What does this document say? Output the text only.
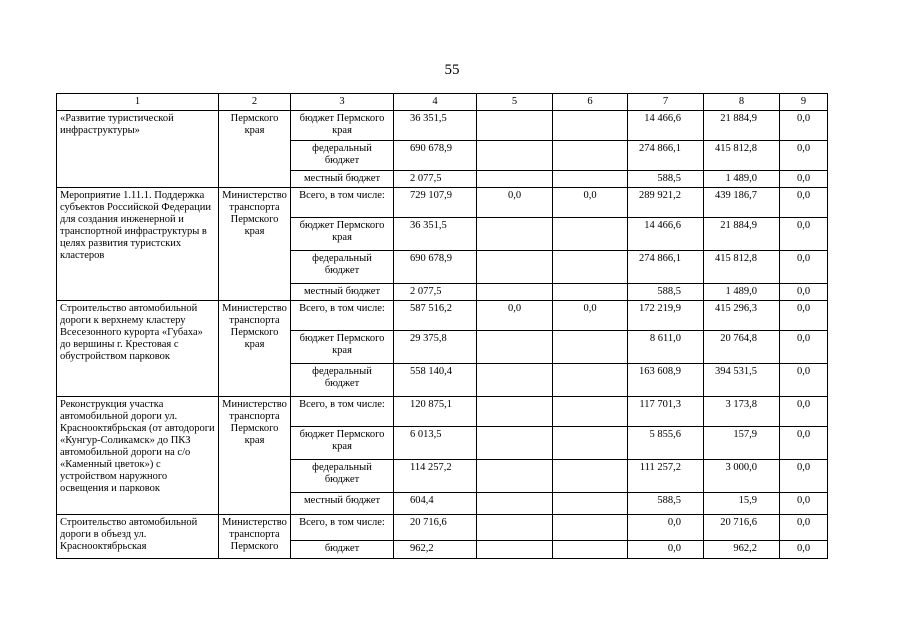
55
1	2	3	4	5	6	7	8	9
«Развитие туристической инфраструктуры»	Пермского края	бюджет Пермского края	36 351,5			14 466,6	21 884,9	0,0
		федеральный бюджет	690 678,9			274 866,1	415 812,8	0,0
		местный бюджет	2 077,5			588,5	1 489,0	0,0
Мероприятие 1.11.1. Поддержка субъектов Российской Федерации для создания инженерной и транспортной инфраструктуры в целях развития туристских кластеров	Министерство транспорта Пермского края	Всего, в том числе:	729 107,9	0,0	0,0	289 921,2	439 186,7	0,0
		бюджет Пермского края	36 351,5			14 466,6	21 884,9	0,0
		федеральный бюджет	690 678,9			274 866,1	415 812,8	0,0
		местный бюджет	2 077,5			588,5	1 489,0	0,0
Строительство автомобильной дороги к верхнему кластеру Всесезонного курорта «Губаха» до вершины г. Крестовая с обустройством парковок	Министерство транспорта Пермского края	Всего, в том числе:	587 516,2	0,0	0,0	172 219,9	415 296,3	0,0
		бюджет Пермского края	29 375,8			8 611,0	20 764,8	0,0
		федеральный бюджет	558 140,4			163 608,9	394 531,5	0,0
Реконструкция участка автомобильной дороги ул. Краснооктябрьская (от автодороги «Кунгур-Соликамск» до ПКЗ автомобильной дороги на с/о «Каменный цветок») с устройством наружного освещения и парковок	Министерство транспорта Пермского края	Всего, в том числе:	120 875,1			117 701,3	3 173,8	0,0
		бюджет Пермского края	6 013,5			5 855,6	157,9	0,0
		федеральный бюджет	114 257,2			111 257,2	3 000,0	0,0
		местный бюджет	604,4			588,5	15,9	0,0
Строительство автомобильной дороги в объезд ул. Краснооктябрьская	Министерство транспорта Пермского	Всего, в том числе:	20 716,6			0,0	20 716,6	0,0
		бюджет	962,2			0,0	962,2	0,0
